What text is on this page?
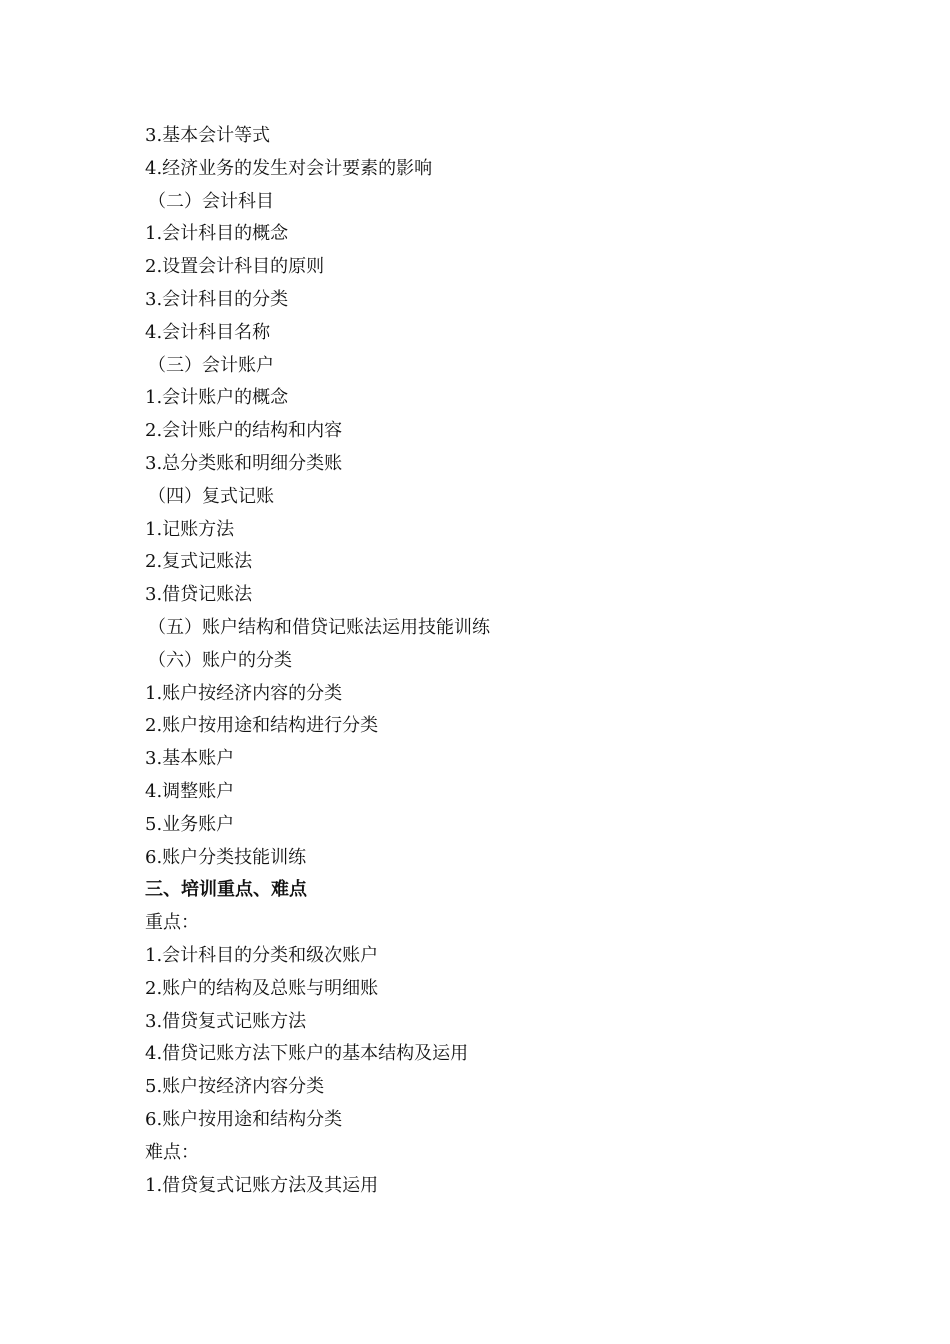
3.基本会计等式
4.经济业务的发生对会计要素的影响
（二）会计科目
1.会计科目的概念
2.设置会计科目的原则
3.会计科目的分类
4.会计科目名称
（三）会计账户
1.会计账户的概念
2.会计账户的结构和内容
3.总分类账和明细分类账
（四）复式记账
1.记账方法
2.复式记账法
3.借贷记账法
（五）账户结构和借贷记账法运用技能训练
（六）账户的分类
1.账户按经济内容的分类
2.账户按用途和结构进行分类
3.基本账户
4.调整账户
5.业务账户
6.账户分类技能训练
三、培训重点、难点
重点：
1.会计科目的分类和级次账户
2.账户的结构及总账与明细账
3.借贷复式记账方法
4.借贷记账方法下账户的基本结构及运用
5.账户按经济内容分类
6.账户按用途和结构分类
难点：
1.借贷复式记账方法及其运用
